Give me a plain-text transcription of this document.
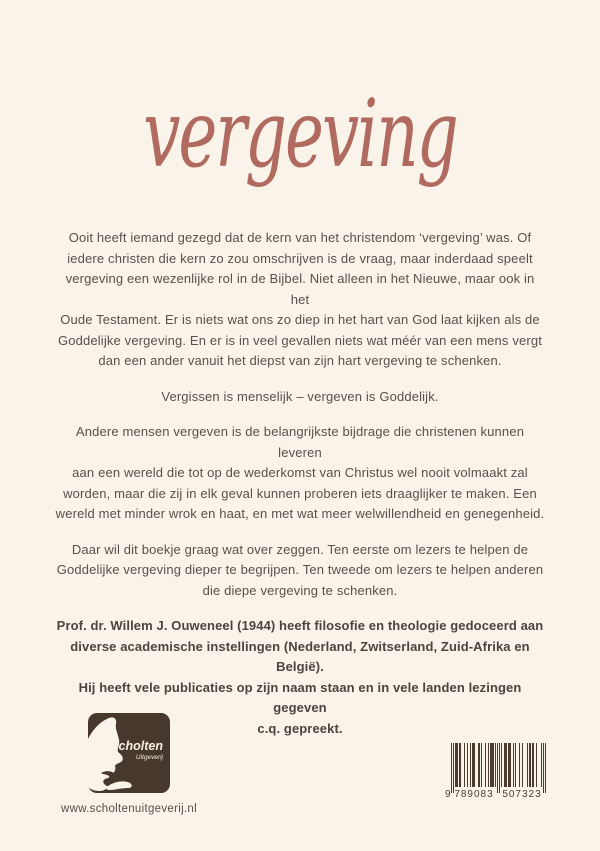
vergeving

Ooit heeft iemand gezegd dat de kern van het christendom ‘vergeving’ was. Of
iedere christen die kern zo zou omschrijven is de vraag, maar inderdaad speelt
vergeving een wezenlijke rol in de Bijbel. Niet alleen in het Nieuwe, maar ook in het
Oude Testament. Er is niets wat ons zo diep in het hart van God laat kijken als de
Goddelijke vergeving. En er is in veel gevallen niets wat méér van een mens vergt
dan een ander vanuit het diepst van zijn hart vergeving te schenken.

Vergissen is menselijk – vergeven is Goddelijk.

Andere mensen vergeven is de belangrijkste bijdrage die christenen kunnen leveren
aan een wereld die tot op de wederkomst van Christus wel nooit volmaakt zal
worden, maar die zij in elk geval kunnen proberen iets draaglijker te maken. Een
wereld met minder wrok en haat, en met wat meer welwillendheid en genegenheid.

Daar wil dit boekje graag wat over zeggen. Ten eerste om lezers te helpen de
Goddelijke vergeving dieper te begrijpen. Ten tweede om lezers te helpen anderen
die diepe vergeving te schenken.

Prof. dr. Willem J. Ouweneel (1944) heeft filosofie en theologie gedoceerd aan
diverse academische instellingen (Nederland, Zwitserland, Zuid-Afrika en België).
Hij heeft vele publicaties op zijn naam staan en in vele landen lezingen gegeven
c.q. gepreekt.

Scholten
Uitgeverij
www.scholtenuitgeverij.nl
9 789083 507323
